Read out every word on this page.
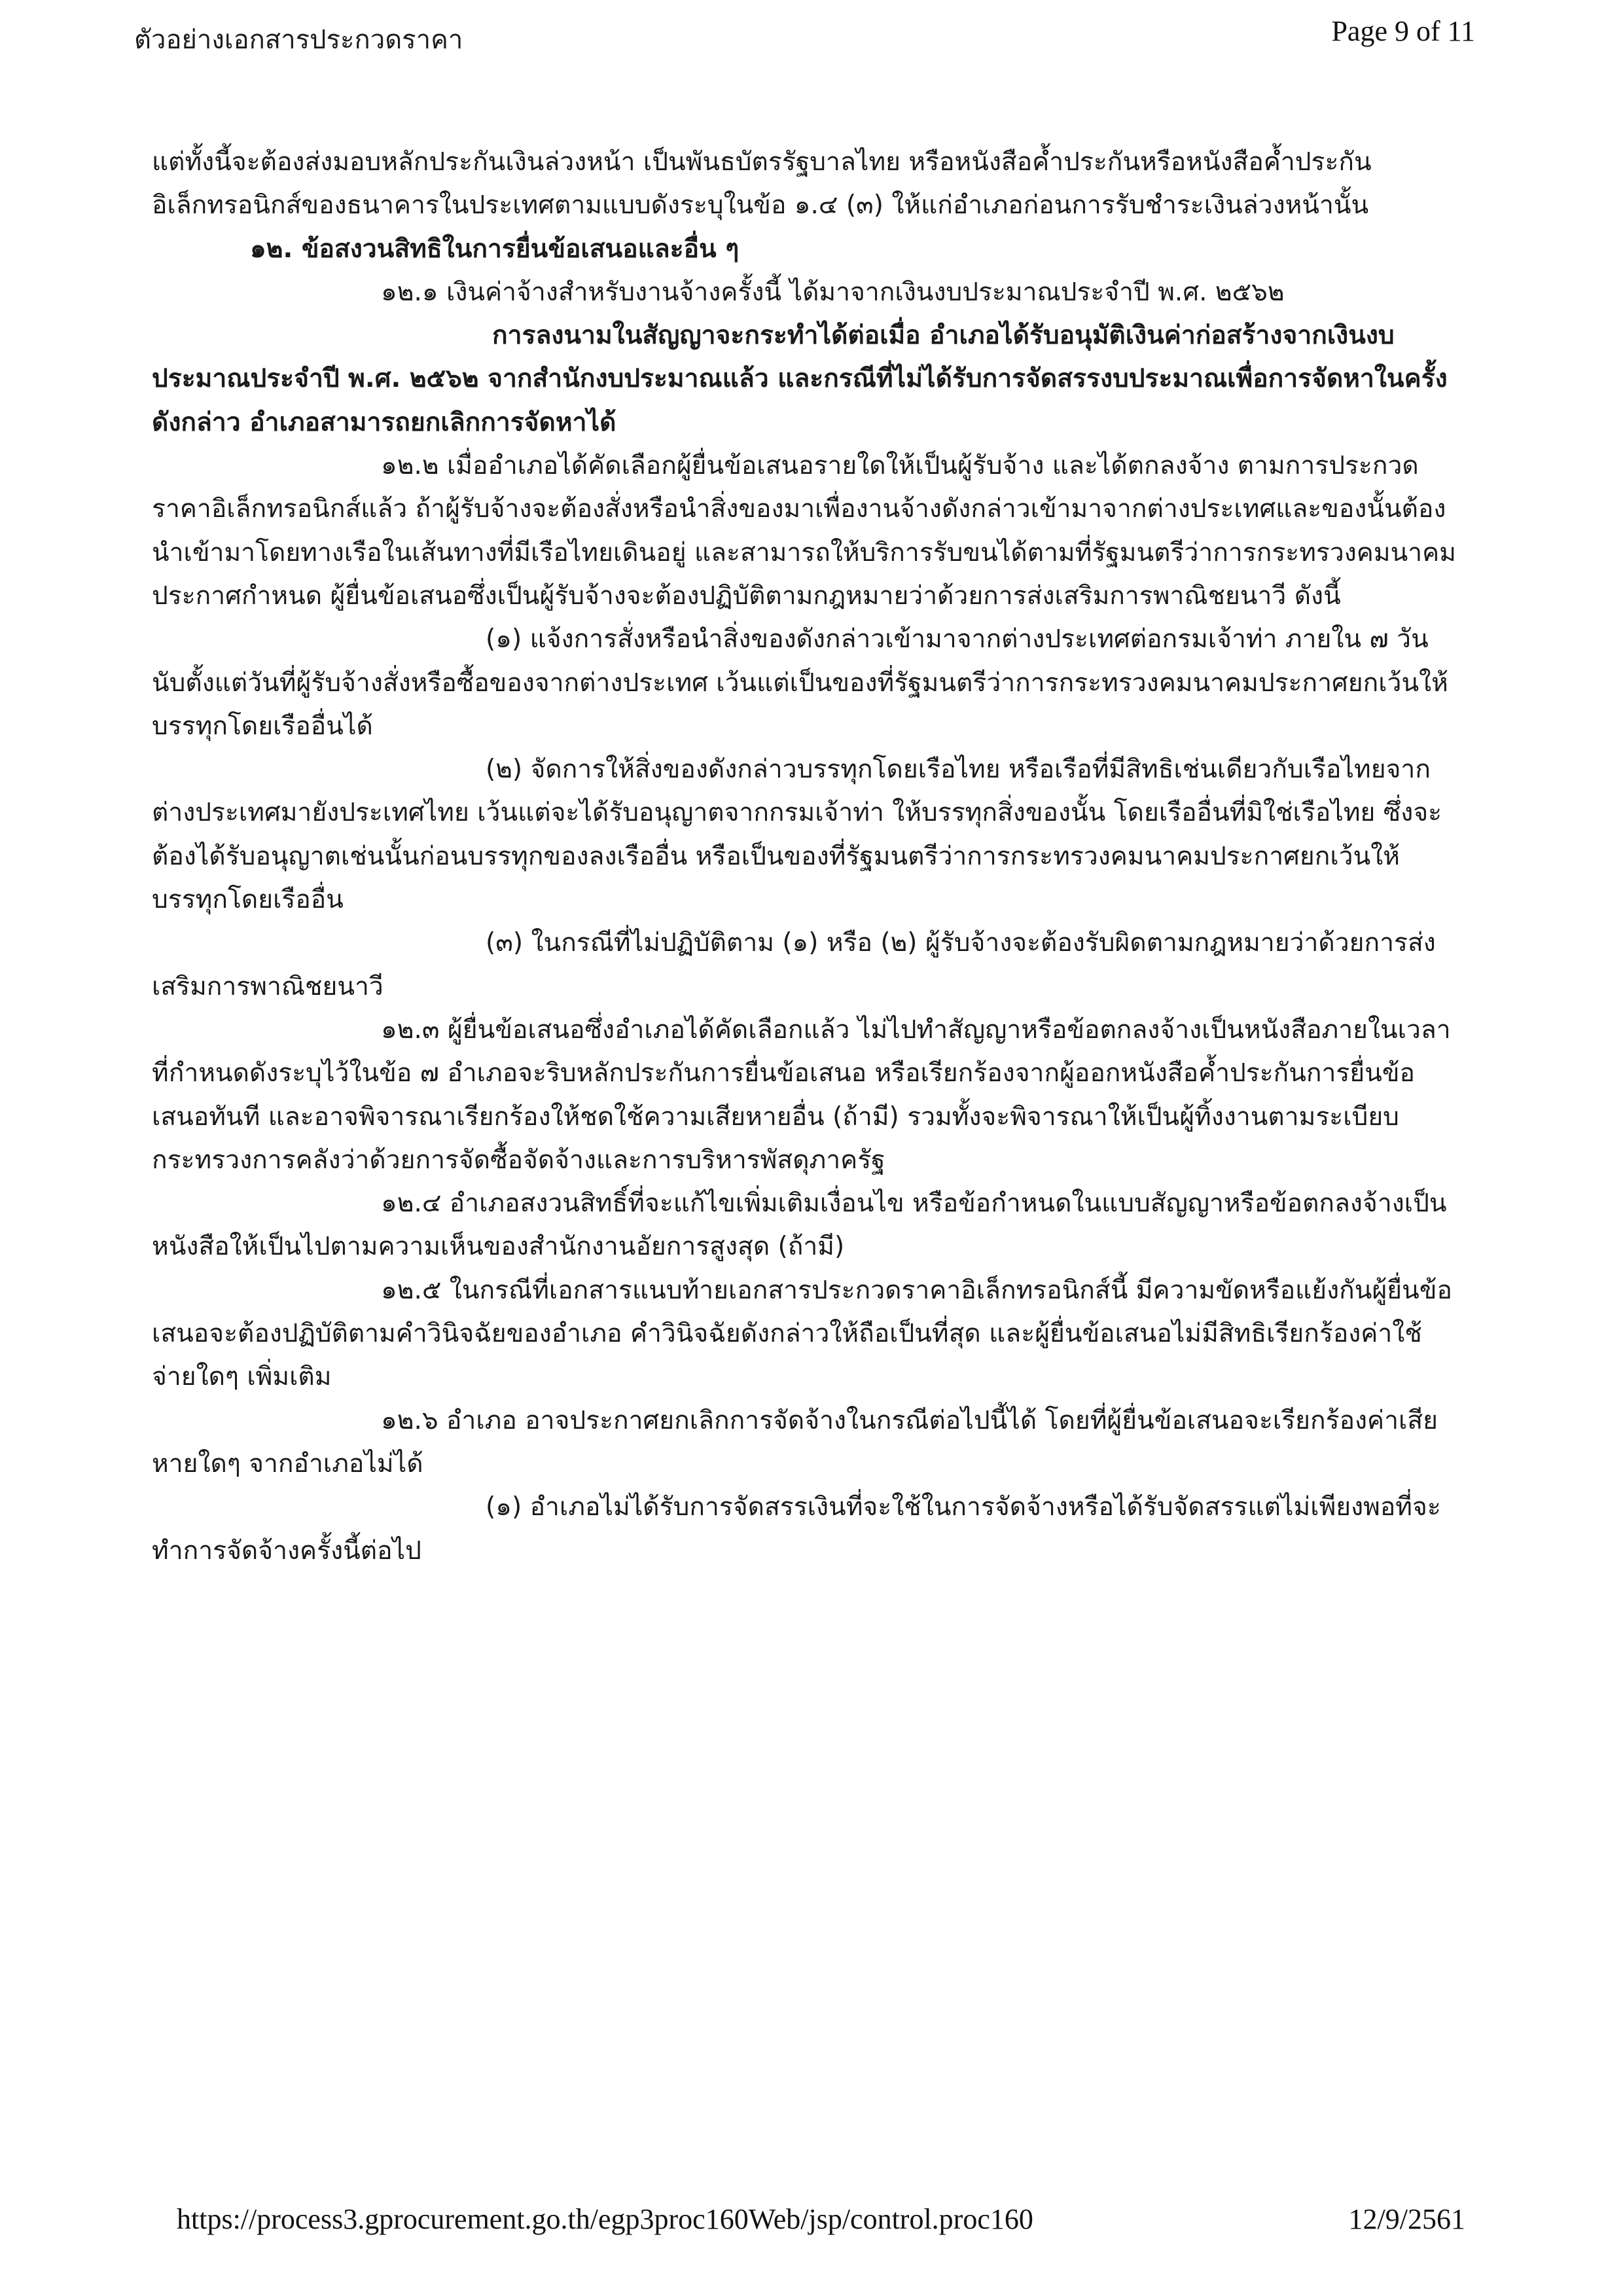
ตัวอย่างเอกสารประกวดราคา	Page 9 of 11

แต่ทั้งนี้จะต้องส่งมอบหลักประกันเงินล่วงหน้า เป็นพันธบัตรรัฐบาลไทย หรือหนังสือค้ำประกันหรือหนังสือค้ำประกันอิเล็กทรอนิกส์ของธนาคารในประเทศตามแบบดังระบุในข้อ ๑.๔ (๓) ให้แก่อำเภอก่อนการรับชำระเงินล่วงหน้านั้น

๑๒. ข้อสงวนสิทธิในการยื่นข้อเสนอและอื่น ๆ

๑๒.๑ เงินค่าจ้างสำหรับงานจ้างครั้งนี้ ได้มาจากเงินงบประมาณประจำปี พ.ศ. ๒๕๖๒

การลงนามในสัญญาจะกระทำได้ต่อเมื่อ อำเภอได้รับอนุมัติเงินค่าก่อสร้างจากเงินงบประมาณประจำปี พ.ศ. ๒๕๖๒ จากสำนักงบประมาณแล้ว และกรณีที่ไม่ได้รับการจัดสรรงบประมาณเพื่อการจัดหาในครั้งดังกล่าว อำเภอสามารถยกเลิกการจัดหาได้

๑๒.๒ เมื่ออำเภอได้คัดเลือกผู้ยื่นข้อเสนอรายใดให้เป็นผู้รับจ้าง และได้ตกลงจ้าง ตามการประกวดราคาอิเล็กทรอนิกส์แล้ว ถ้าผู้รับจ้างจะต้องสั่งหรือนำสิ่งของมาเพื่องานจ้างดังกล่าวเข้ามาจากต่างประเทศและของนั้นต้องนำเข้ามาโดยทางเรือในเส้นทางที่มีเรือไทยเดินอยู่ และสามารถให้บริการรับขนได้ตามที่รัฐมนตรีว่าการกระทรวงคมนาคมประกาศกำหนด ผู้ยื่นข้อเสนอซึ่งเป็นผู้รับจ้างจะต้องปฏิบัติตามกฎหมายว่าด้วยการส่งเสริมการพาณิชยนาวี ดังนี้

(๑) แจ้งการสั่งหรือนำสิ่งของดังกล่าวเข้ามาจากต่างประเทศต่อกรมเจ้าท่า ภายใน ๗ วัน นับตั้งแต่วันที่ผู้รับจ้างสั่งหรือซื้อของจากต่างประเทศ เว้นแต่เป็นของที่รัฐมนตรีว่าการกระทรวงคมนาคมประกาศยกเว้นให้บรรทุกโดยเรืออื่นได้

(๒) จัดการให้สิ่งของดังกล่าวบรรทุกโดยเรือไทย หรือเรือที่มีสิทธิเช่นเดียวกับเรือไทยจากต่างประเทศมายังประเทศไทย เว้นแต่จะได้รับอนุญาตจากกรมเจ้าท่า ให้บรรทุกสิ่งของนั้น โดยเรืออื่นที่มิใช่เรือไทย ซึ่งจะต้องได้รับอนุญาตเช่นนั้นก่อนบรรทุกของลงเรืออื่น หรือเป็นของที่รัฐมนตรีว่าการกระทรวงคมนาคมประกาศยกเว้นให้บรรทุกโดยเรืออื่น

(๓) ในกรณีที่ไม่ปฏิบัติตาม (๑) หรือ (๒) ผู้รับจ้างจะต้องรับผิดตามกฎหมายว่าด้วยการส่งเสริมการพาณิชยนาวี

๑๒.๓ ผู้ยื่นข้อเสนอซึ่งอำเภอได้คัดเลือกแล้ว ไม่ไปทำสัญญาหรือข้อตกลงจ้างเป็นหนังสือภายในเวลาที่กำหนดดังระบุไว้ในข้อ ๗ อำเภอจะริบหลักประกันการยื่นข้อเสนอ หรือเรียกร้องจากผู้ออกหนังสือค้ำประกันการยื่นข้อเสนอทันที และอาจพิจารณาเรียกร้องให้ชดใช้ความเสียหายอื่น (ถ้ามี) รวมทั้งจะพิจารณาให้เป็นผู้ทิ้งงานตามระเบียบกระทรวงการคลังว่าด้วยการจัดซื้อจัดจ้างและการบริหารพัสดุภาครัฐ

๑๒.๔ อำเภอสงวนสิทธิ์ที่จะแก้ไขเพิ่มเติมเงื่อนไข หรือข้อกำหนดในแบบสัญญาหรือข้อตกลงจ้างเป็นหนังสือให้เป็นไปตามความเห็นของสำนักงานอัยการสูงสุด (ถ้ามี)

๑๒.๕ ในกรณีที่เอกสารแนบท้ายเอกสารประกวดราคาอิเล็กทรอนิกส์นี้ มีความขัดหรือแย้งกันผู้ยื่นข้อเสนอจะต้องปฏิบัติตามคำวินิจฉัยของอำเภอ คำวินิจฉัยดังกล่าวให้ถือเป็นที่สุด และผู้ยื่นข้อเสนอไม่มีสิทธิเรียกร้องค่าใช้จ่ายใดๆ เพิ่มเติม

๑๒.๖ อำเภอ อาจประกาศยกเลิกการจัดจ้างในกรณีต่อไปนี้ได้ โดยที่ผู้ยื่นข้อเสนอจะเรียกร้องค่าเสียหายใดๆ จากอำเภอไม่ได้

(๑) อำเภอไม่ได้รับการจัดสรรเงินที่จะใช้ในการจัดจ้างหรือได้รับจัดสรรแต่ไม่เพียงพอที่จะทำการจัดจ้างครั้งนี้ต่อไป

https://process3.gprocurement.go.th/egp3proc160Web/jsp/control.proc160	12/9/2561
